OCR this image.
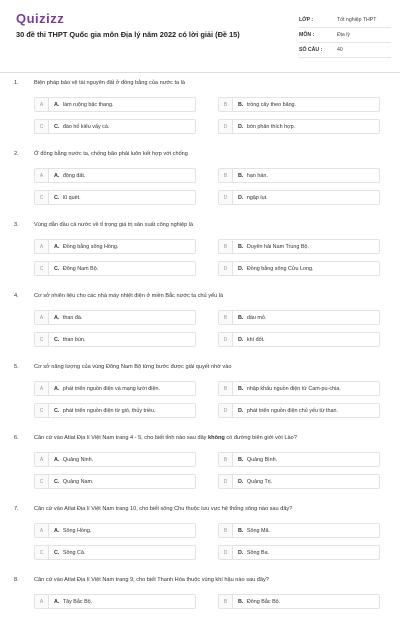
Quizizz
30 đề thi THPT Quốc gia môn Địa lý năm 2022 có lời giải (Đề 15)
LỚP :	Tốt nghiệp THPT
MÔN :	Địa lý
SỐ CÂU :	40
1.	Biện pháp bảo vệ tài nguyên đất ở đồng bằng của nước ta là
A	A. làm ruộng bậc thang.	B	B. trồng cây theo băng.
C	C. đào hố kiểu vẩy cá.	D	D. bón phân thích hợp.
2.	Ở đồng bằng nước ta, chống bão phải luôn kết hợp với chống
A	A. động đất.	B	B. hạn hán.
C	C. lũ quét.	D	D. ngập lụt.
3.	Vùng dẫn đầu cả nước về tỉ trọng giá trị sản xuất công nghiệp là
A	A. Đồng bằng sông Hồng.	B	B. Duyên hải Nam Trung Bộ.
C	C. Đông Nam Bộ.	D	D. Đồng bằng sông Cửu Long.
4.	Cơ sở nhiên liệu cho các nhà máy nhiệt điện ở miền Bắc nước ta chủ yếu là
A	A. than đá.	B	B. dầu mỏ.
C	C. than bùn.	D	D. khí đốt.
5.	Cơ sở năng lượng của vùng Đông Nam Bộ từng bước được giải quyết nhờ vào
A	A. phát triển nguồn điện và mạng lưới điện.	B	B. nhập khẩu nguồn điện từ Cam-pu-chia.
C	C. phát triển nguồn điện từ gió, thủy triều.	D	D. phát triển nguồn điện chủ yếu từ than.
6.	Căn cứ vào Atlat Địa lí Việt Nam trang 4 - 5, cho biết tỉnh nào sau đây không có đường biên giới với Lào?
A	A. Quảng Ninh.	B	B. Quảng Bình.
C	C. Quảng Nam.	D	D. Quảng Trị.
7.	Căn cứ vào Atlat Địa lí Việt Nam trang 10, cho biết sông Chu thuộc lưu vực hệ thống sông nào sau đây?
A	A. Sông Hồng.	B	B. Sông Mã.
C	C. Sông Cả.	D	D. Sông Ba.
8.	Căn cứ vào Atlat Địa lí Việt Nam trang 9, cho biết Thanh Hóa thuộc vùng khí hậu nào sau đây?
A	A. Tây Bắc Bộ.	B	B. Đông Bắc Bộ.
